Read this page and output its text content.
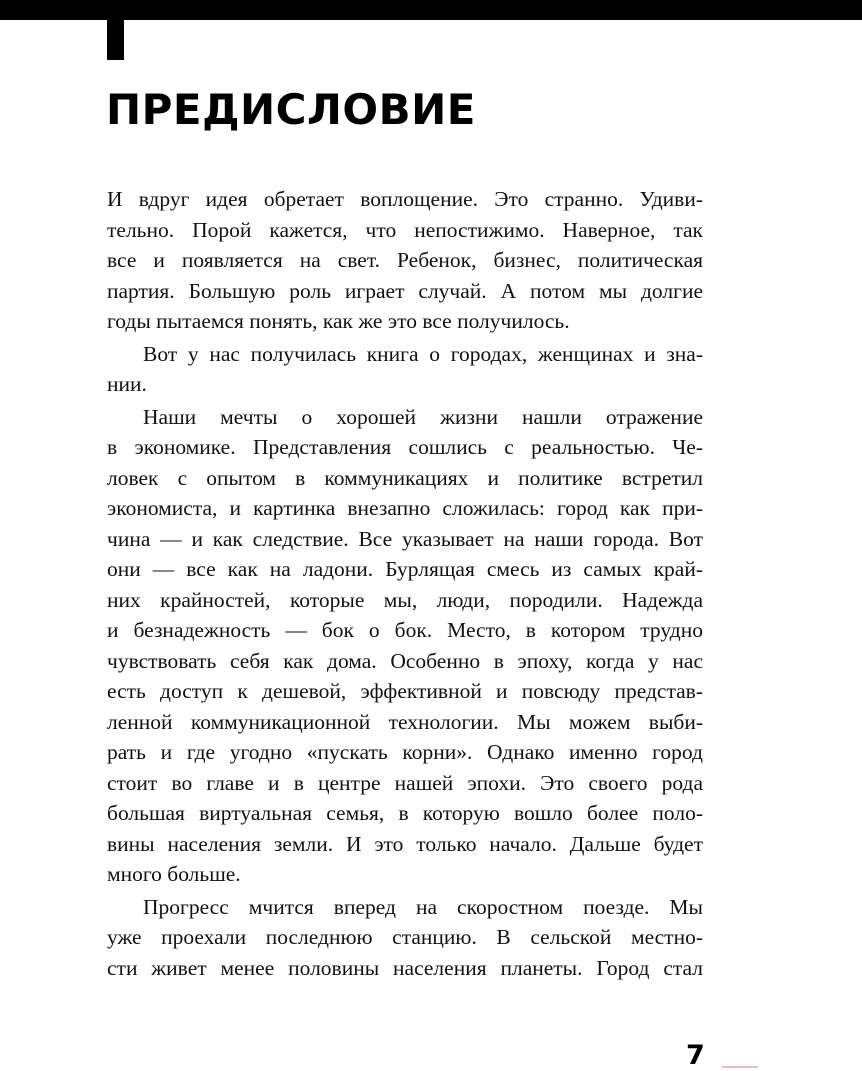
ПРЕДИСЛОВИЕ
И вдруг идея обретает воплощение. Это странно. Удиви-
тельно. Порой кажется, что непостижимо. Наверное, так
все и появляется на свет. Ребенок, бизнес, политическая
партия. Большую роль играет случай. А потом мы долгие
годы пытаемся понять, как же это все получилось.
Вот у нас получилась книга о городах, женщинах и зна-
нии.
Наши мечты о хорошей жизни нашли отражение
в экономике. Представления сошлись с реальностью. Че-
ловек с опытом в коммуникациях и политике встретил
экономиста, и картинка внезапно сложилась: город как при-
чина — и как следствие. Все указывает на наши города. Вот
они — все как на ладони. Бурлящая смесь из самых край-
них крайностей, которые мы, люди, породили. Надежда
и безнадежность — бок о бок. Место, в котором трудно
чувствовать себя как дома. Особенно в эпоху, когда у нас
есть доступ к дешевой, эффективной и повсюду представ-
ленной коммуникационной технологии. Мы можем выби-
рать и где угодно «пускать корни». Однако именно город
стоит во главе и в центре нашей эпохи. Это своего рода
большая виртуальная семья, в которую вошло более поло-
вины населения земли. И это только начало. Дальше будет
много больше.
Прогресс мчится вперед на скоростном поезде. Мы
уже проехали последнюю станцию. В сельской местно-
сти живет менее половины населения планеты. Город стал
7
